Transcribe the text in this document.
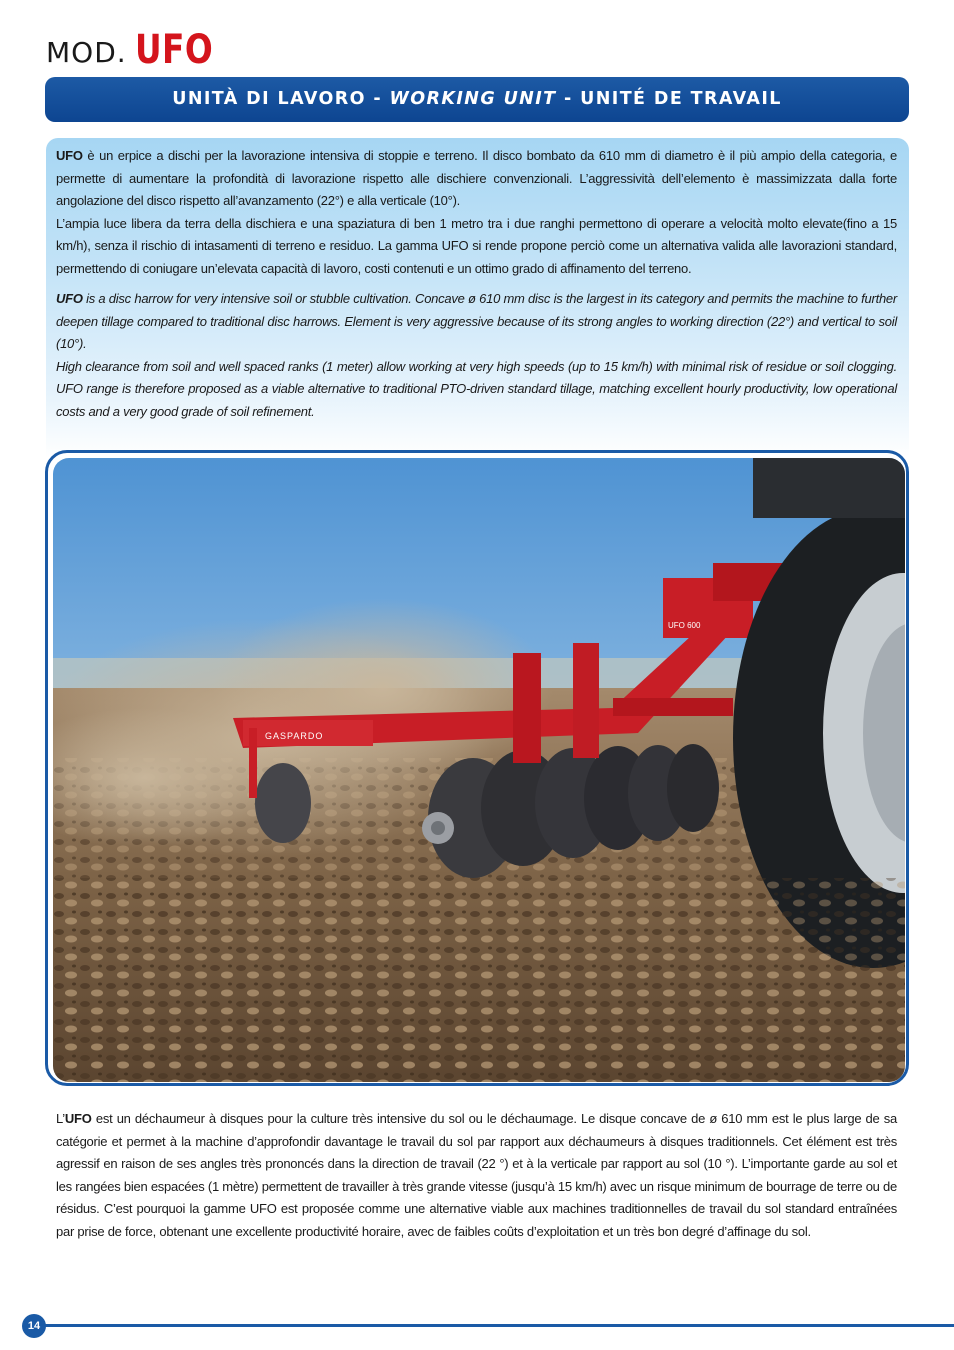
MOD. UFO
UNITÀ DI LAVORO - WORKING UNIT - UNITÉ DE TRAVAIL

UFO è un erpice a dischi per la lavorazione intensiva di stoppie e terreno. Il disco bombato da 610 mm di diametro è il più ampio della categoria, e permette di aumentare la profondità di lavorazione rispetto alle dischiere convenzionali. L’aggressività dell’elemento è massimizzata dalla forte angolazione del disco rispetto all’avanzamento (22°) e alla verticale (10°).

L’ampia luce libera da terra della dischiera e una spaziatura di ben 1 metro tra i due ranghi permettono di operare a velocità molto elevate(fino a 15 km/h), senza il rischio di intasamenti di terreno e residuo. La gamma UFO si rende propone perciò come un alternativa valida alle lavorazioni standard, permettendo di coniugare un’elevata capacità di lavoro, costi contenuti e un ottimo grado di affinamento del terreno.

UFO is a disc harrow for very intensive soil or stubble cultivation. Concave ø 610 mm disc is the largest in its category and permits the machine to further deepen tillage compared to traditional disc harrows. Element is very aggressive because of its strong angles to working direction (22°) and vertical to soil (10°).

High clearance from soil and well spaced ranks (1 meter) allow working at very high speeds (up to 15 km/h) with minimal risk of residue or soil clogging. UFO range is therefore proposed as a viable alternative to traditional PTO-driven standard tillage, matching excellent hourly productivity, low operational costs and a very good grade of soil refinement.

GASPARDO
UFO 600

L’UFO est un déchaumeur à disques pour la culture très intensive du sol ou le déchaumage. Le disque concave de ø 610 mm est le plus large de sa catégorie et permet à la machine d’approfondir davantage le travail du sol par rapport aux déchaumeurs à disques traditionnels. Cet élément est très agressif en raison de ses angles très prononcés dans la direction de travail (22 °) et à la verticale par rapport au sol (10 °). L’importante garde au sol et les rangées bien espacées (1 mètre) permettent de travailler à très grande vitesse (jusqu’à 15 km/h) avec un risque minimum de bourrage de terre ou de résidus. C’est pourquoi la gamme UFO est proposée comme une alternative viable aux machines traditionnelles de travail du sol standard entraînées par prise de force, obtenant une excellente productivité horaire, avec de faibles coûts d’exploitation et un très bon degré d’affinage du sol.

14
